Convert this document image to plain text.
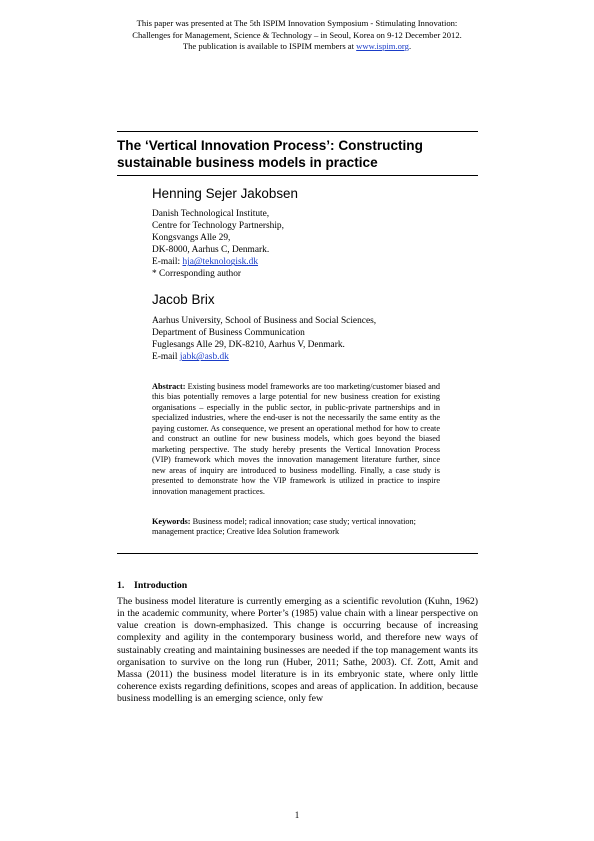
This paper was presented at The 5th ISPIM Innovation Symposium - Stimulating Innovation:
Challenges for Management, Science & Technology – in Seoul, Korea on 9-12 December 2012.
The publication is available to ISPIM members at www.ispim.org.
The ‘Vertical Innovation Process’: Constructing sustainable business models in practice
Henning Sejer Jakobsen
Danish Technological Institute,
Centre for Technology Partnership,
Kongsvangs Alle 29,
DK-8000, Aarhus C, Denmark.
E-mail: hja@teknologisk.dk
* Corresponding author
Jacob Brix
Aarhus University, School of Business and Social Sciences,
Department of Business Communication
Fuglesangs Alle 29, DK-8210, Aarhus V, Denmark.
E-mail jabk@asb.dk
Abstract: Existing business model frameworks are too marketing/customer biased and this bias potentially removes a large potential for new business creation for existing organisations – especially in the public sector, in public-private partnerships and in specialized industries, where the end-user is not the necessarily the same entity as the paying customer. As consequence, we present an operational method for how to create and construct an outline for new business models, which goes beyond the biased marketing perspective. The study hereby presents the Vertical Innovation Process (VIP) framework which moves the innovation management literature further, since new areas of inquiry are introduced to business modelling. Finally, a case study is presented to demonstrate how the VIP framework is utilized in practice to inspire innovation management practices.
Keywords: Business model; radical innovation; case study; vertical innovation; management practice; Creative Idea Solution framework
1. Introduction
The business model literature is currently emerging as a scientific revolution (Kuhn, 1962) in the academic community, where Porter’s (1985) value chain with a linear perspective on value creation is down-emphasized. This change is occurring because of increasing complexity and agility in the contemporary business world, and therefore new ways of sustainably creating and maintaining businesses are needed if the top management wants its organisation to survive on the long run (Huber, 2011; Sathe, 2003). Cf. Zott, Amit and Massa (2011) the business model literature is in its embryonic state, where only little coherence exists regarding definitions, scopes and areas of application. In addition, because business modelling is an emerging science, only few
1
